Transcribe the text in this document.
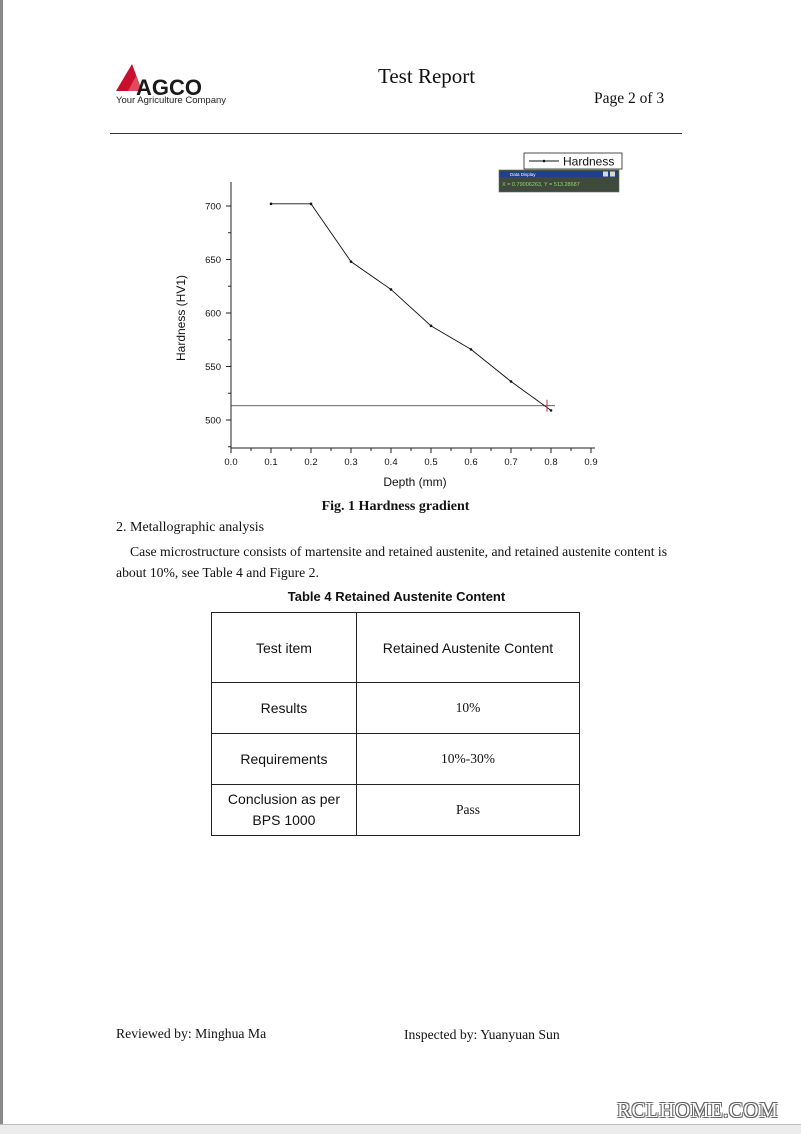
AGCO
Your Agriculture Company
Test Report
Page 2 of 3
500
550
600
650
700
0.0	0.1	0.2	0.3	0.4	0.5	0.6	0.7	0.8	0.9
Depth (mm)
Hardness (HV1)
Hardness
Data Display
X = 0.79006263, Y = 513.28687
Fig. 1 Hardness gradient
2. Metallographic analysis
Case microstructure consists of martensite and retained austenite, and retained austenite content is about 10%, see Table 4 and Figure 2.
Table 4 Retained Austenite Content
Test item	Retained Austenite Content
Results	10%
Requirements	10%-30%
Conclusion as per BPS 1000	Pass
Reviewed by: Minghua Ma	Inspected by: Yuanyuan Sun
RCLHOME.COM
